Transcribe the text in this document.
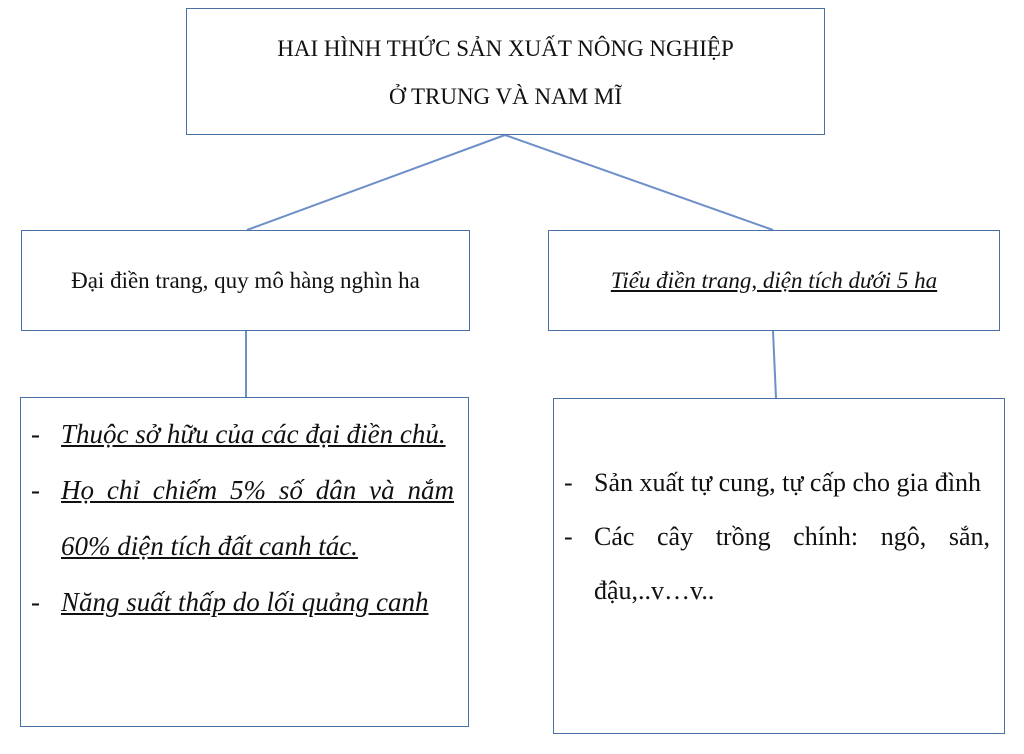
HAI HÌNH THỨC SẢN XUẤT NÔNG NGHIỆP
Ở TRUNG VÀ NAM MĨ
Đại điền trang, quy mô hàng nghìn ha	Tiểu điền trang, diện tích dưới 5 ha
- Thuộc sở hữu của các đại điền chủ.
- Họ chỉ chiếm 5% số dân và nắm 60% diện tích đất canh tác.
- Năng suất thấp do lối quảng canh
- Sản xuất tự cung, tự cấp cho gia đình
- Các cây trồng chính: ngô, sắn, đậu,..v…v..
